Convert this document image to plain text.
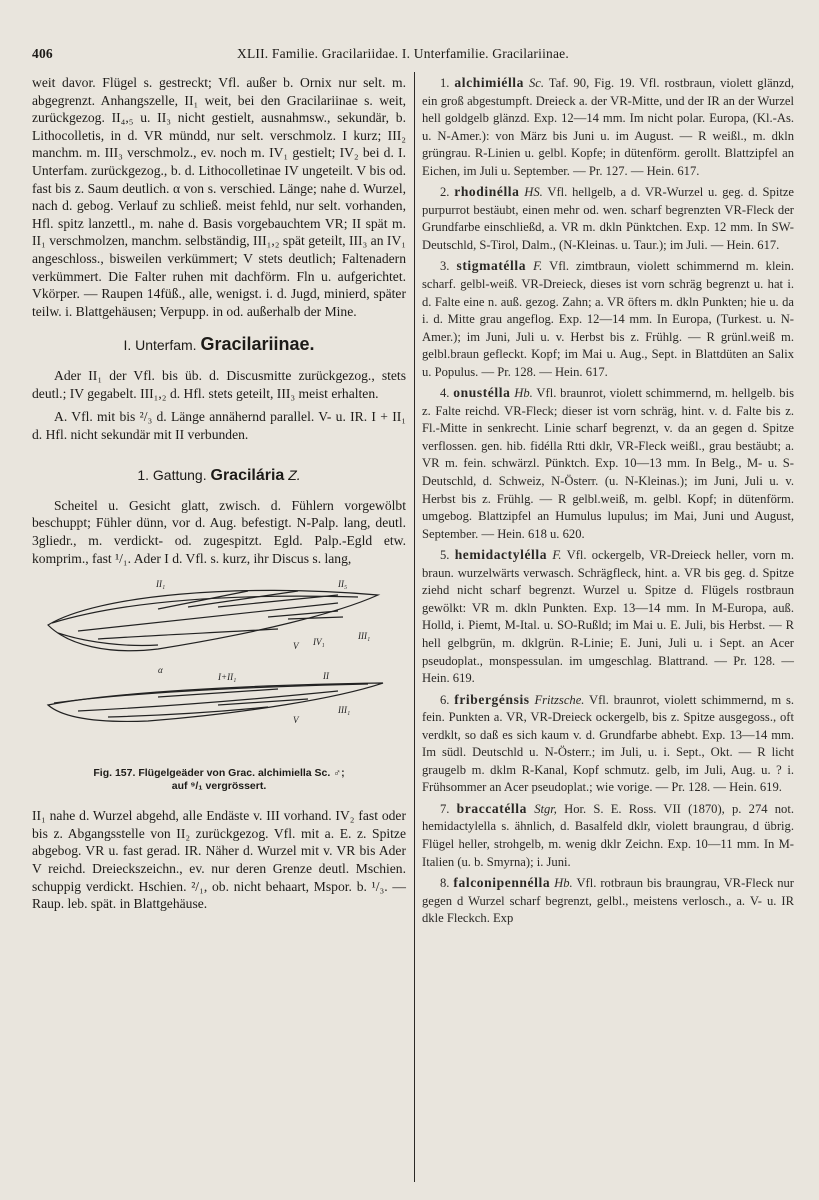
406	XLII. Familie. Gracilariidae. I. Unterfamilie. Gracilariinae.

weit davor. Flügel s. gestreckt; Vfl. außer b. Ornix nur selt. m. abgegrenzt. Anhangszelle, II₁ weit, bei den Gracilariinae s. weit, zurückgezog. II₄,₅ u. II₃ nicht gestielt, ausnahmsw., sekundär, b. Lithocolletis, in d. VR mündd, nur selt. verschmolz. I kurz; III₂ manchm. m. III₃ verschmolz., ev. noch m. IV₁ gestielt; IV₂ bei d. I. Unterfam. zurückgezog., b. d. Lithocolletinae IV ungeteilt. V bis od. fast bis z. Saum deutlich. α von s. verschied. Länge; nahe d. Wurzel, nach d. gebog. Verlauf zu schließ. meist fehld, nur selt. vorhanden, Hfl. spitz lanzettl., m. nahe d. Basis vorgebauchtem VR; II spät m. II₁ verschmolzen, manchm. selbständig, III₁,₂ spät geteilt, III₃ an IV₁ angeschloss., bisweilen verkümmert; V stets deutlich; Faltenadern verkümmert. Die Falter ruhen mit dachförm. Fln u. aufgerichtet. Vkörper. — Raupen 14füß., alle, wenigst. i. d. Jugd, minierd, später teilw. i. Blattgehäusen; Verpupp. in od. außerhalb der Mine.

I. Unterfam. Gracilariinae.

Ader II₁ der Vfl. bis üb. d. Discusmitte zurückgezog., stets deutl.; IV gegabelt. III₁,₂ d. Hfl. stets geteilt, III₃ meist erhalten.

A. Vfl. mit bis ²/₃ d. Länge annähernd parallel. V- u. IR. I + II₁ d. Hfl. nicht sekundär mit II verbunden.

1. Gattung. Gracilária Z.

Scheitel u. Gesicht glatt, zwisch. d. Fühlern vorgewölbt beschuppt; Fühler dünn, vor d. Aug. befestigt. N-Palp. lang, deutl. 3gliedr., m. verdickt- od. zugespitzt. Egld. Palp.-Egld etw. komprim., fast ¹/₁. Ader I d. Vfl. s. kurz, ihr Discus s. lang,

II₁	II₅
III₁
V IV₁
α
I+II₁	II
III₁
V
Fig. 157. Flügelgeäder von Grac. alchimiella Sc. ♂;
auf ⁹/₁ vergrössert.

II₁ nahe d. Wurzel abgehd, alle Endäste v. III vorhand. IV₂ fast oder bis z. Abgangsstelle von II₂ zurückgezog. Vfl. mit a. E. z. Spitze abgebog. VR u. fast gerad. IR. Näher d. Wurzel mit v. VR bis Ader V reichd. Dreieckszeichn., ev. nur deren Grenze deutl. Mschien. schuppig verdickt. Hschien. ²/₁, ob. nicht behaart, Mspor. b. ¹/₃. — Raup. leb. spät. in Blattgehäuse.

1. alchimiélla Sc. Taf. 90, Fig. 19. Vfl. rostbraun, violett glänzd, ein groß abgestumpft. Dreieck a. der VR-Mitte, und der IR an der Wurzel hell goldgelb glänzd. Exp. 12—14 mm. Im nicht polar. Europa, (Kl.-As. u. N-Amer.): von März bis Juni u. im August. — R weißl., m. dkln grüngrau. R-Linien u. gelbl. Kopfe; in dütenförm. gerollt. Blattzipfel an Eichen, im Juli u. September. — Pr. 127. — Hein. 617.

2. rhodinélla HS. Vfl. hellgelb, a d. VR-Wurzel u. geg. d. Spitze purpurrot bestäubt, einen mehr od. wen. scharf begrenzten VR-Fleck der Grundfarbe einschließd, a. VR m. dkln Pünktchen. Exp. 12 mm. In SW-Deutschld, S-Tirol, Dalm., (N-Kleinas. u. Taur.); im Juli. — Hein. 617.

3. stigmatélla F. Vfl. zimtbraun, violett schimmernd m. klein. scharf. gelbl-weiß. VR-Dreieck, dieses ist vorn schräg begrenzt u. hat i. d. Falte eine n. auß. gezog. Zahn; a. VR öfters m. dkln Punkten; hie u. da i. d. Mitte grau angeflog. Exp. 12—14 mm. In Europa, (Turkest. u. N-Amer.); im Juni, Juli u. v. Herbst bis z. Frühlg. — R grünl.weiß m. gelbl.braun gefleckt. Kopf; im Mai u. Aug., Sept. in Blattdüten an Salix u. Populus. — Pr. 128. — Hein. 617.

4. onustélla Hb. Vfl. braunrot, violett schimmernd, m. hellgelb. bis z. Falte reichd. VR-Fleck; dieser ist vorn schräg, hint. v. d. Falte bis z. Fl.-Mitte in senkrecht. Linie scharf begrenzt, v. da an gegen d. Spitze verflossen. gen. hib. fidélla Rtti dklr, VR-Fleck weißl., grau bestäubt; a. VR m. fein. schwärzl. Pünktch. Exp. 10—13 mm. In Belg., M- u. S-Deutschld, d. Schweiz, N-Österr. (u. N-Kleinas.); im Juni, Juli u. v. Herbst bis z. Frühlg. — R gelbl.weiß, m. gelbl. Kopf; in dütenförm. umgebog. Blattzipfel an Humulus lupulus; im Mai, Juni und August, September. — Hein. 618 u. 620.

5. hemidactylélla F. Vfl. ockergelb, VR-Dreieck heller, vorn m. braun. wurzelwärts verwasch. Schrägfleck, hint. a. VR bis geg. d. Spitze ziehd nicht scharf begrenzt. Wurzel u. Spitze d. Flügels rostbraun gewölkt: VR m. dkln Punkten. Exp. 13—14 mm. In M-Europa, auß. Holld, i. Piemt, M-Ital. u. SO-Rußld; im Mai u. E. Juli, bis Herbst. — R hell gelbgrün, m. dklgrün. R-Linie; E. Juni, Juli u. i Sept. an Acer pseudoplat., monspessulan. im umgeschlag. Blattrand. — Pr. 128. — Hein. 619.

6. fribergénsis Fritzsche. Vfl. braunrot, violett schimmernd, m s. fein. Punkten a. VR, VR-Dreieck ockergelb, bis z. Spitze ausgegoss., oft verdklt, so daß es sich kaum v. d. Grundfarbe abhebt. Exp. 13—14 mm. Im südl. Deutschld u. N-Österr.; im Juli, u. i. Sept., Okt. — R licht graugelb m. dklm R-Kanal, Kopf schmutz. gelb, im Juli, Aug. u. ? i. Frühsommer an Acer pseudoplat.; wie vorige. — Pr. 128. — Hein. 619.

7. braccatélla Stgr, Hor. S. E. Ross. VII (1870), p. 274 not. hemidactylella s. ähnlich, d. Basalfeld dklr, violett braungrau, d übrig. Flügel heller, strohgelb, m. wenig dklr Zeichn. Exp. 10—11 mm. In M-Italien (u. b. Smyrna); i. Juni.

8. falconipennélla Hb. Vfl. rotbraun bis braungrau, VR-Fleck nur gegen d Wurzel scharf begrenzt, gelbl., meistens verlosch., a. V- u. IR dkle Fleckch. Exp
